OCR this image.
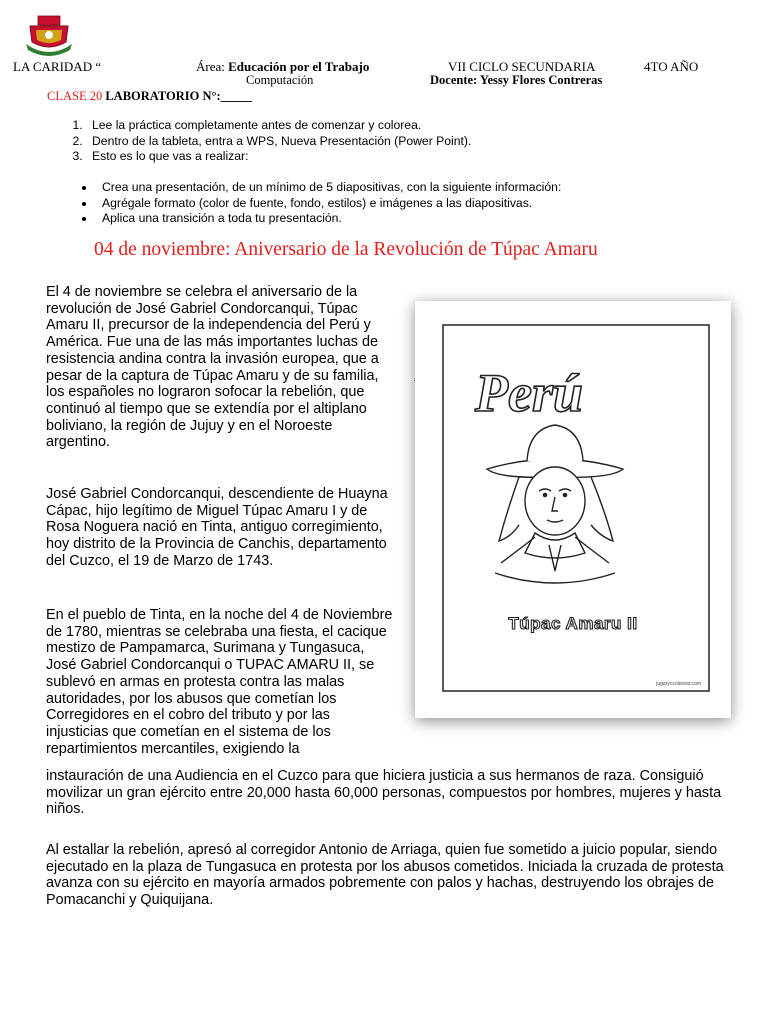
LA CARIDAD “	Área: Educación por el Trabajo
Computación
VII CICLO SECUNDARIA	4TO AÑO
Docente: Yessy Flores Contreras
CLASE 20 LABORATORIO N°:_____
1. Lee la práctica completamente antes de comenzar y colorea.
2. Dentro de la tableta, entra a WPS, Nueva Presentación (Power Point).
3. Esto es lo que vas a realizar:
• Crea una presentación, de un mínimo de 5 diapositivas, con la siguiente información:
• Agrégale formato (color de fuente, fondo, estilos) e imágenes a las diapositivas.
• Aplica una transición a toda tu presentación.
04 de noviembre: Aniversario de la Revolución de Túpac Amaru

El 4 de noviembre se celebra el aniversario de la revolución de José Gabriel Condorcanqui, Túpac Amaru II, precursor de la independencia del Perú y América. Fue una de las más importantes luchas de resistencia andina contra la invasión europea, que a pesar de la captura de Túpac Amaru y de su familia, los españoles no lograron sofocar la rebelión, que continuó al tiempo que se extendía por el altiplano boliviano, la región de Jujuy y en el Noroeste argentino.

José Gabriel Condorcanqui, descendiente de Huayna Cápac, hijo legítimo de Miguel Túpac Amaru I y de Rosa Noguera nació en Tinta, antiguo corregimiento, hoy distrito de la Provincia de Canchis, departamento del Cuzco, el 19 de Marzo de 1743.

En el pueblo de Tinta, en la noche del 4 de Noviembre de 1780, mientras se celebraba una fiesta, el cacique mestizo de Pampamarca, Surimana y Tungasuca, José Gabriel Condorcanqui o TUPAC AMARU II, se sublevó en armas en protesta contra las malas autoridades, por los abusos que cometían los Corregidores en el cobro del tributo y por las injusticias que cometían en el sistema de los repartimientos mercantiles, exigiendo la

instauración de una Audiencia en el Cuzco para que hiciera justicia a sus hermanos de raza. Consiguió movilizar un gran ejército entre 20,000 hasta 60,000 personas, compuestos por hombres, mujeres y hasta niños.

Al estallar la rebelión, apresó al corregidor Antonio de Arriaga, quien fue sometido a juicio popular, siendo ejecutado en la plaza de Tungasuca en protesta por los abusos cometidos. Iniciada la cruzada de protesta avanza con su ejército en mayoría armados pobremente con palos y hachas, destruyendo los obrajes de Pomacanchi y Quiquijana.

Perú
Túpac Amaru II
jugaryccolorear.com
